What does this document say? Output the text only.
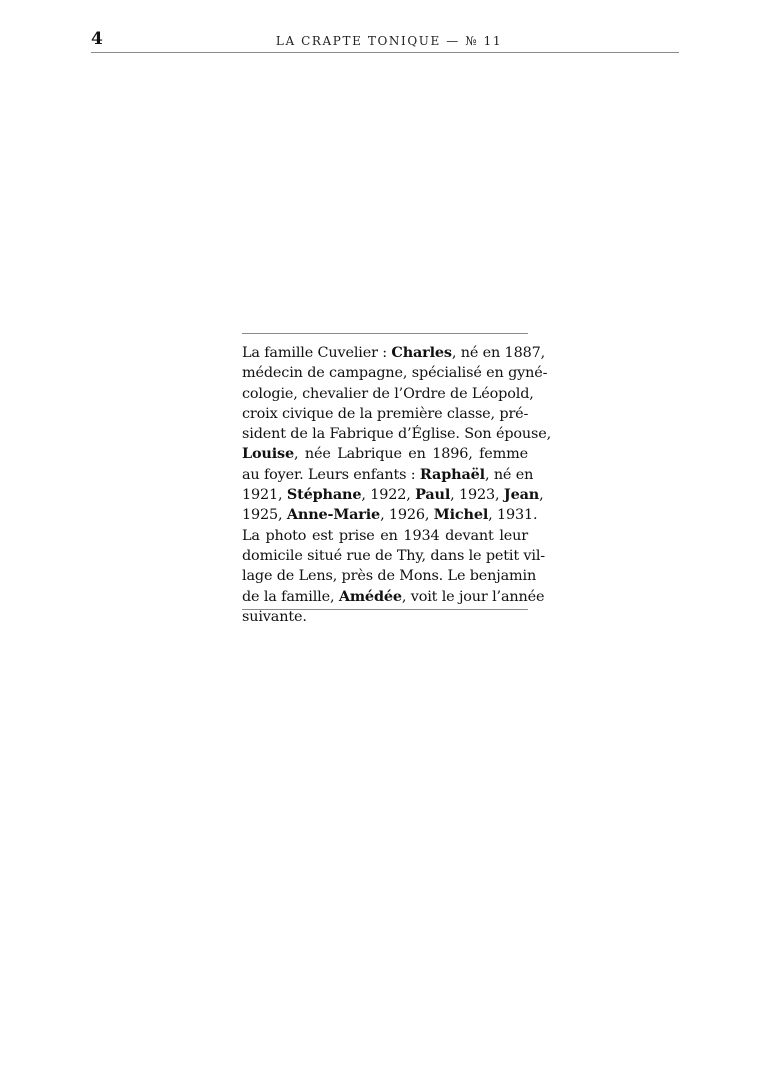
4	LA CRAPTE TONIQUE — № 11
La famille Cuvelier : Charles, né en 1887,
médecin de campagne, spécialisé en gyné-
cologie, chevalier de l’Ordre de Léopold,
croix civique de la première classe, pré-
sident de la Fabrique d’Église. Son épouse,
Louise, née Labrique en 1896, femme
au foyer. Leurs enfants : Raphaël, né en
1921, Stéphane, 1922, Paul, 1923, Jean,
1925, Anne-Marie, 1926, Michel, 1931.
La photo est prise en 1934 devant leur
domicile situé rue de Thy, dans le petit vil-
lage de Lens, près de Mons. Le benjamin
de la famille, Amédée, voit le jour l’année
suivante.
